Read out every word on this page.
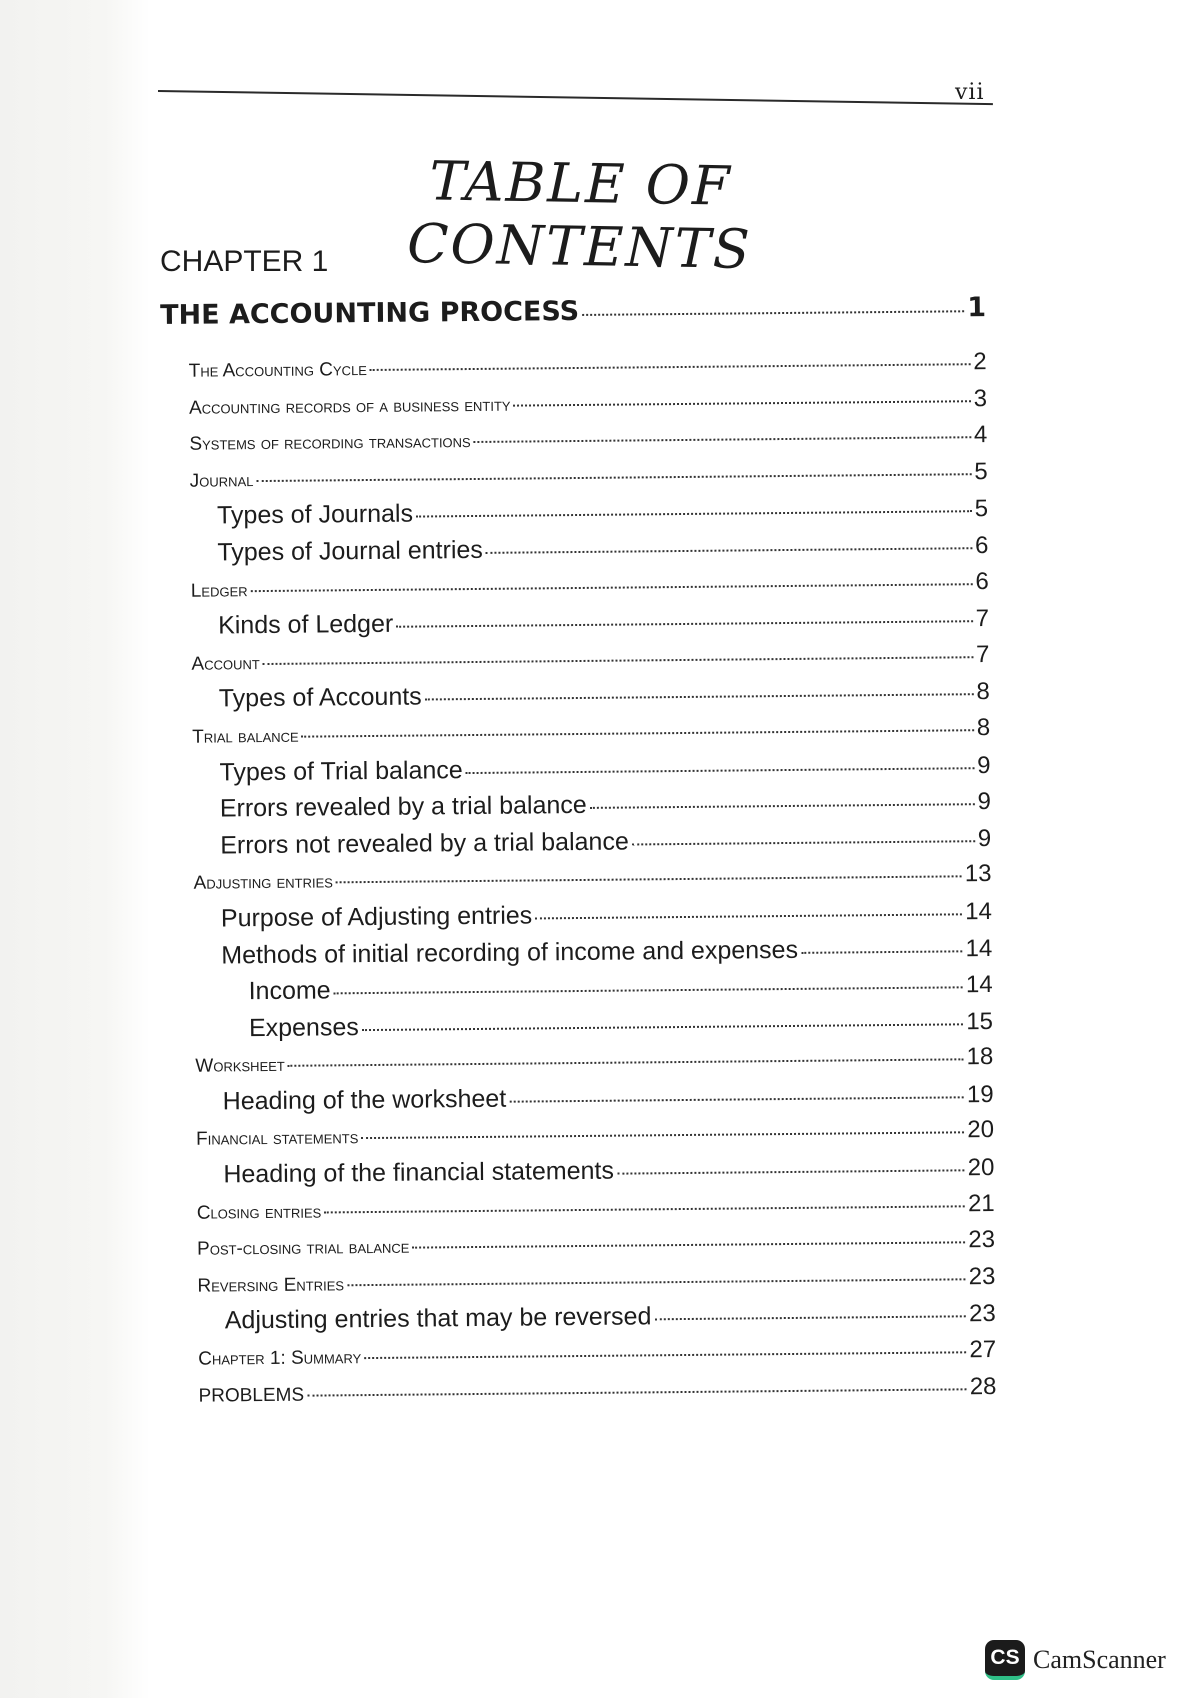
vii
TABLE OF CONTENTS
CHAPTER 1
THE ACCOUNTING PROCESS	1
The Accounting Cycle	2
Accounting records of a business entity	3
Systems of recording transactions	4
Journal	5
Types of Journals	5
Types of Journal entries	6
Ledger	6
Kinds of Ledger	7
Account	7
Types of Accounts	8
Trial balance	8
Types of Trial balance	9
Errors revealed by a trial balance	9
Errors not revealed by a trial balance	9
Adjusting entries	13
Purpose of Adjusting entries	14
Methods of initial recording of income and expenses	14
Income	14
Expenses	15
Worksheet	18
Heading of the worksheet	19
Financial statements	20
Heading of the financial statements	20
Closing entries	21
Post-closing trial balance	23
Reversing Entries	23
Adjusting entries that may be reversed	23
Chapter 1: Summary	27
PROBLEMS	28
CS CamScanner
